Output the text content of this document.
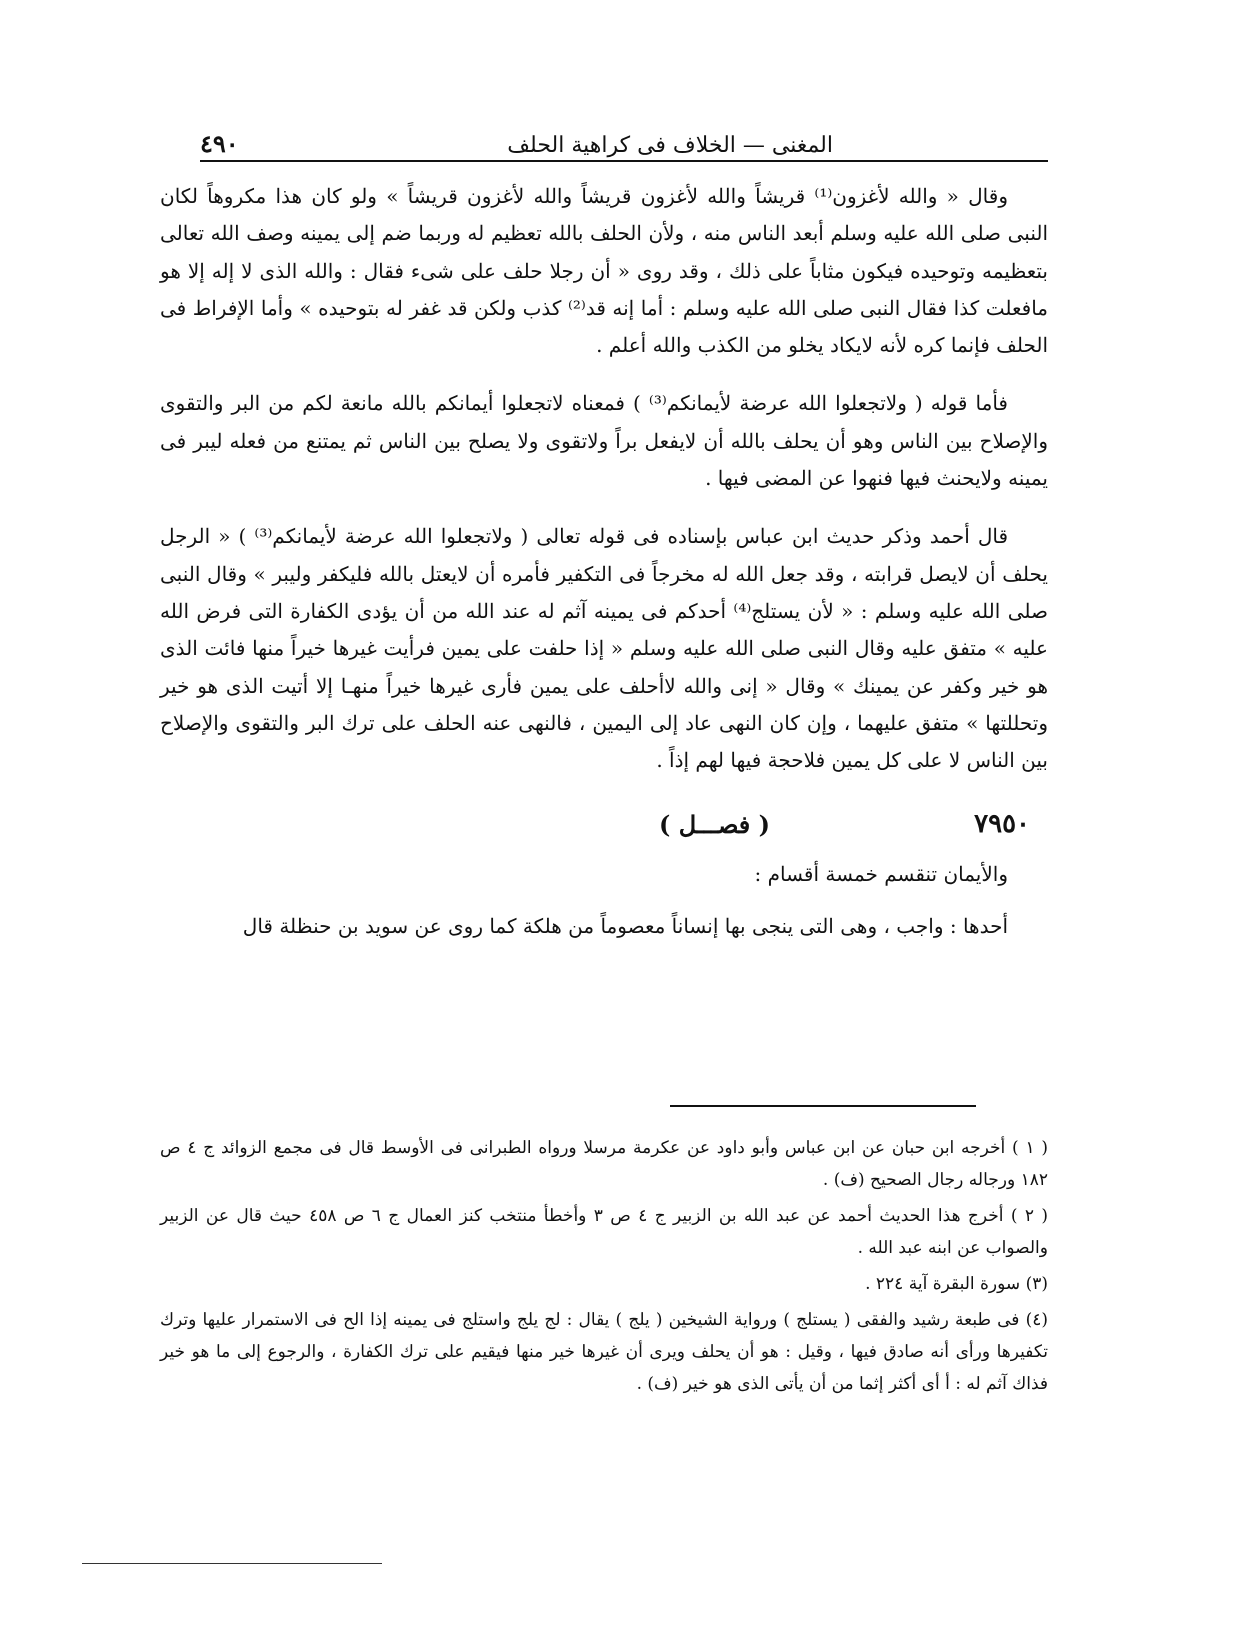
المغنى — الخلاف فى كراهية الحلف
٤٩٠

وقال « والله لأغزون⁽¹⁾ قريشاً والله لأغزون قريشاً والله لأغزون قريشاً » ولو كان هذا مكروهاً لكان النبى صلى الله عليه وسلم أبعد الناس منه ، ولأن الحلف بالله تعظيم له وربما ضم إلى يمينه وصف الله تعالى بتعظيمه وتوحيده فيكون مثاباً على ذلك ، وقد روى « أن رجلا حلف على شىء فقال : والله الذى لا إله إلا هو مافعلت كذا فقال النبى صلى الله عليه وسلم : أما إنه قد⁽²⁾ كذب ولكن قد غفر له بتوحيده » وأما الإفراط فى الحلف فإنما كره لأنه لايكاد يخلو من الكذب والله أعلم .

فأما قوله ( ولاتجعلوا الله عرضة لأيمانكم⁽³⁾ ) فمعناه لاتجعلوا أيمانكم بالله مانعة لكم من البر والتقوى والإصلاح بين الناس وهو أن يحلف بالله أن لايفعل براً ولاتقوى ولا يصلح بين الناس ثم يمتنع من فعله ليبر فى يمينه ولايحنث فيها فنهوا عن المضى فيها .

قال أحمد وذكر حديث ابن عباس بإسناده فى قوله تعالى ( ولاتجعلوا الله عرضة لأيمانكم⁽³⁾ ) « الرجل يحلف أن لايصل قرابته ، وقد جعل الله له مخرجاً فى التكفير فأمره أن لايعتل بالله فليكفر وليبر » وقال النبى صلى الله عليه وسلم : « لأن يستلج⁽⁴⁾ أحدكم فى يمينه آثم له عند الله من أن يؤدى الكفارة التى فرض الله عليه » متفق عليه وقال النبى صلى الله عليه وسلم « إذا حلفت على يمين فرأيت غيرها خيراً منها فائت الذى هو خير وكفر عن يمينك » وقال « إنى والله لاأحلف على يمين فأرى غيرها خيراً منهـا إلا أتيت الذى هو خير وتحللتها » متفق عليهما ، وإن كان النهى عاد إلى اليمين ، فالنهى عنه الحلف على ترك البر والتقوى والإصلاح بين الناس لا على كل يمين فلاحجة فيها لهم إذاً .

٧٩٥٠
( فصـــل )

والأيمان تنقسم خمسة أقسام :

أحدها : واجب ، وهى التى ينجى بها إنساناً معصوماً من هلكة كما روى عن سويد بن حنظلة قال

( ١ ) أخرجه ابن حبان عن ابن عباس وأبو داود عن عكرمة مرسلا ورواه الطبرانى فى الأوسط قال فى مجمع الزوائد ج ٤ ص ١٨٢ ورجاله رجال الصحيح (ف) .

( ٢ ) أخرج هذا الحديث أحمد عن عبد الله بن الزبير ج ٤ ص ٣ وأخطأ منتخب كنز العمال ج ٦ ص ٤٥٨ حيث قال عن الزبير والصواب عن ابنه عبد الله .

(٣) سورة البقرة آية ٢٢٤ .

(٤) فى طبعة رشيد والفقى ( يستلج ) ورواية الشيخين ( يلج ) يقال : لج يلج واستلج فى يمينه إذا الح فى الاستمرار عليها وترك تكفيرها ورأى أنه صادق فيها ، وقيل : هو أن يحلف ويرى أن غيرها خير منها فيقيم على ترك الكفارة ، والرجوع إلى ما هو خير فذاك آثم له : أ أى أكثر إثما من أن يأتى الذى هو خير (ف) .
